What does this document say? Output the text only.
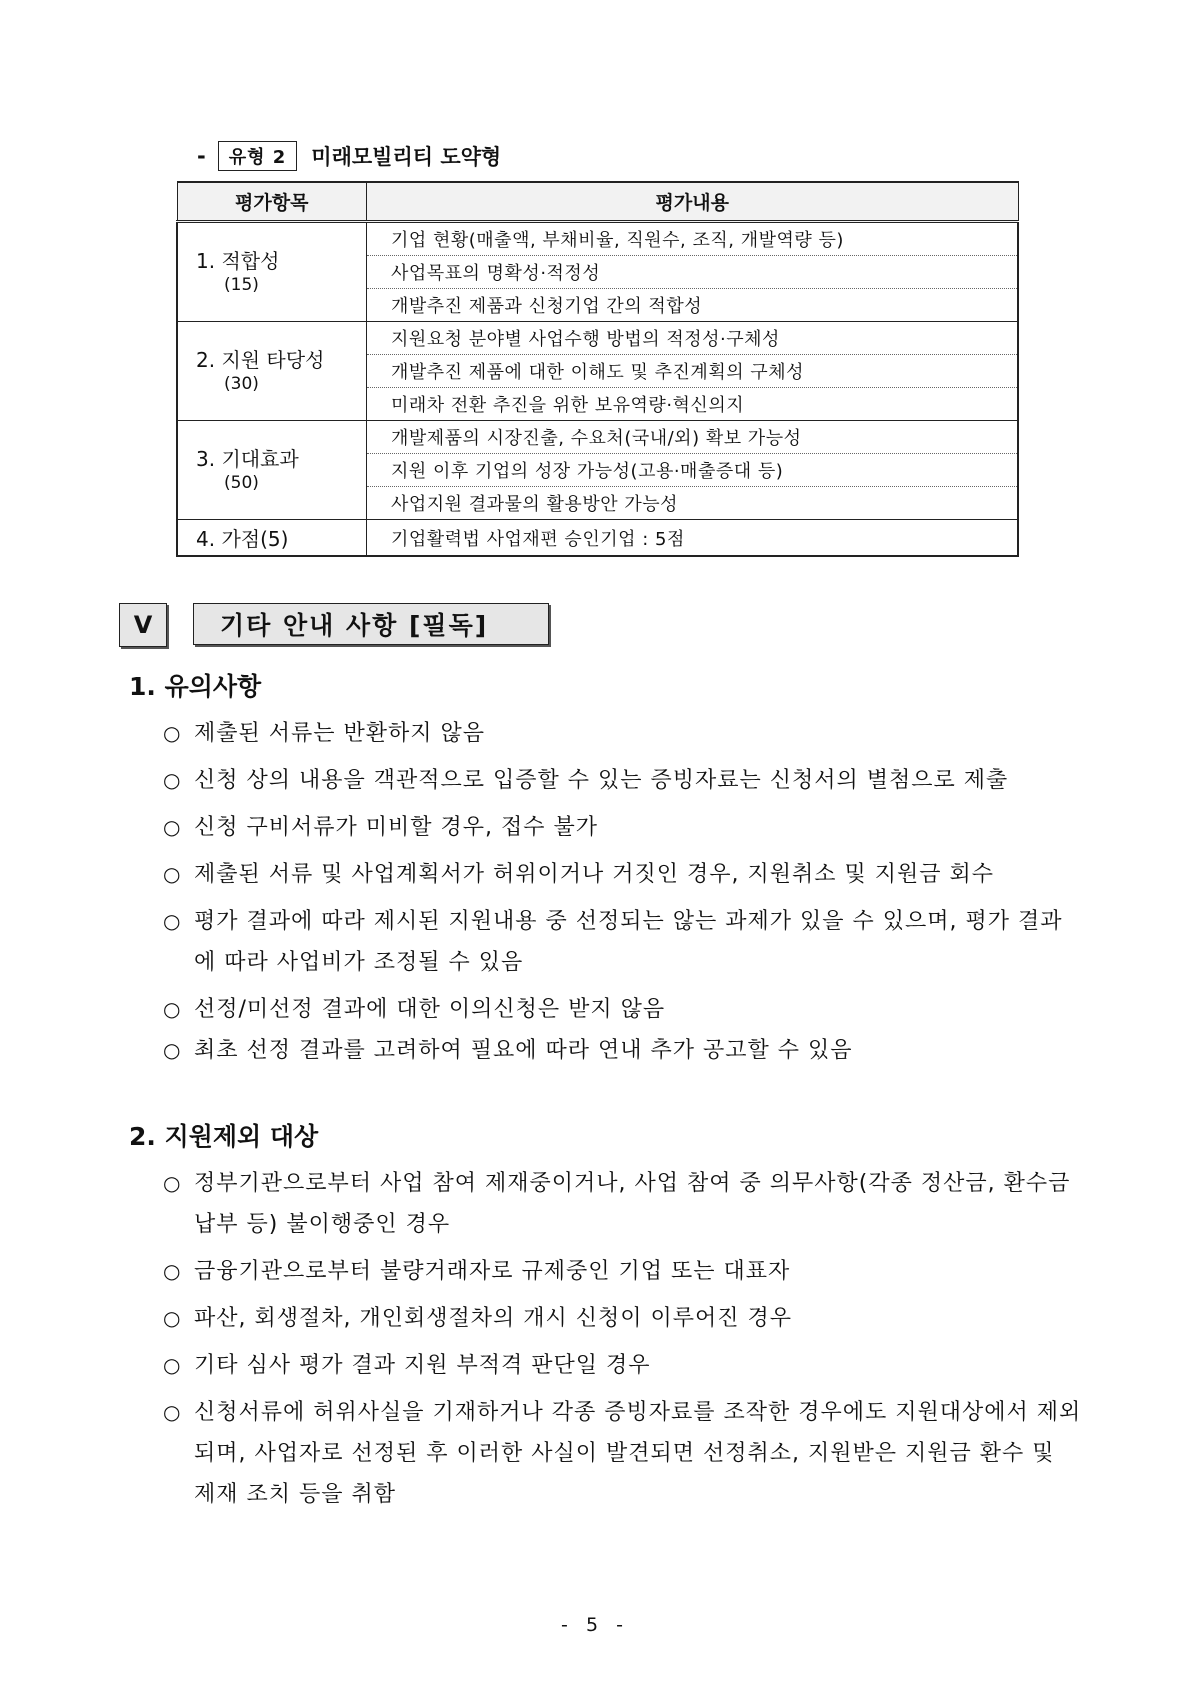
-	유형 2	미래모빌리티 도약형
평가항목	평가내용

1. 적합성
(15)	기업 현황(매출액, 부채비율, 직원수, 조직, 개발역량 등)
	사업목표의 명확성·적정성
	개발추진 제품과 신청기업 간의 적합성

2. 지원 타당성
(30)	지원요청 분야별 사업수행 방법의 적정성·구체성
	개발추진 제품에 대한 이해도 및 추진계획의 구체성
	미래차 전환 추진을 위한 보유역량·혁신의지

3. 기대효과
(50)	개발제품의 시장진출, 수요처(국내/외) 확보 가능성
	지원 이후 기업의 성장 가능성(고용·매출증대 등)
	사업지원 결과물의 활용방안 가능성
4. 가점(5)	기업활력법 사업재편 승인기업 : 5점
V	기타 안내 사항 [필독]
1. 유의사항
○ 제출된 서류는 반환하지 않음
○ 신청 상의 내용을 객관적으로 입증할 수 있는 증빙자료는 신청서의 별첨으로 제출
○ 신청 구비서류가 미비할 경우, 접수 불가
○ 제출된 서류 및 사업계획서가 허위이거나 거짓인 경우, 지원취소 및 지원금 회수
○ 평가 결과에 따라 제시된 지원내용 중 선정되는 않는 과제가 있을 수 있으며, 평가 결과에 따라 사업비가 조정될 수 있음
○ 선정/미선정 결과에 대한 이의신청은 받지 않음
○ 최초 선정 결과를 고려하여 필요에 따라 연내 추가 공고할 수 있음
2. 지원제외 대상
○ 정부기관으로부터 사업 참여 제재중이거나, 사업 참여 중 의무사항(각종 정산금, 환수금 납부 등) 불이행중인 경우
○ 금융기관으로부터 불량거래자로 규제중인 기업 또는 대표자
○ 파산, 회생절차, 개인회생절차의 개시 신청이 이루어진 경우
○ 기타 심사 평가 결과 지원 부적격 판단일 경우
○ 신청서류에 허위사실을 기재하거나 각종 증빙자료를 조작한 경우에도 지원대상에서 제외되며, 사업자로 선정된 후 이러한 사실이 발견되면 선정취소, 지원받은 지원금 환수 및 제재 조치 등을 취함
- 5 -
